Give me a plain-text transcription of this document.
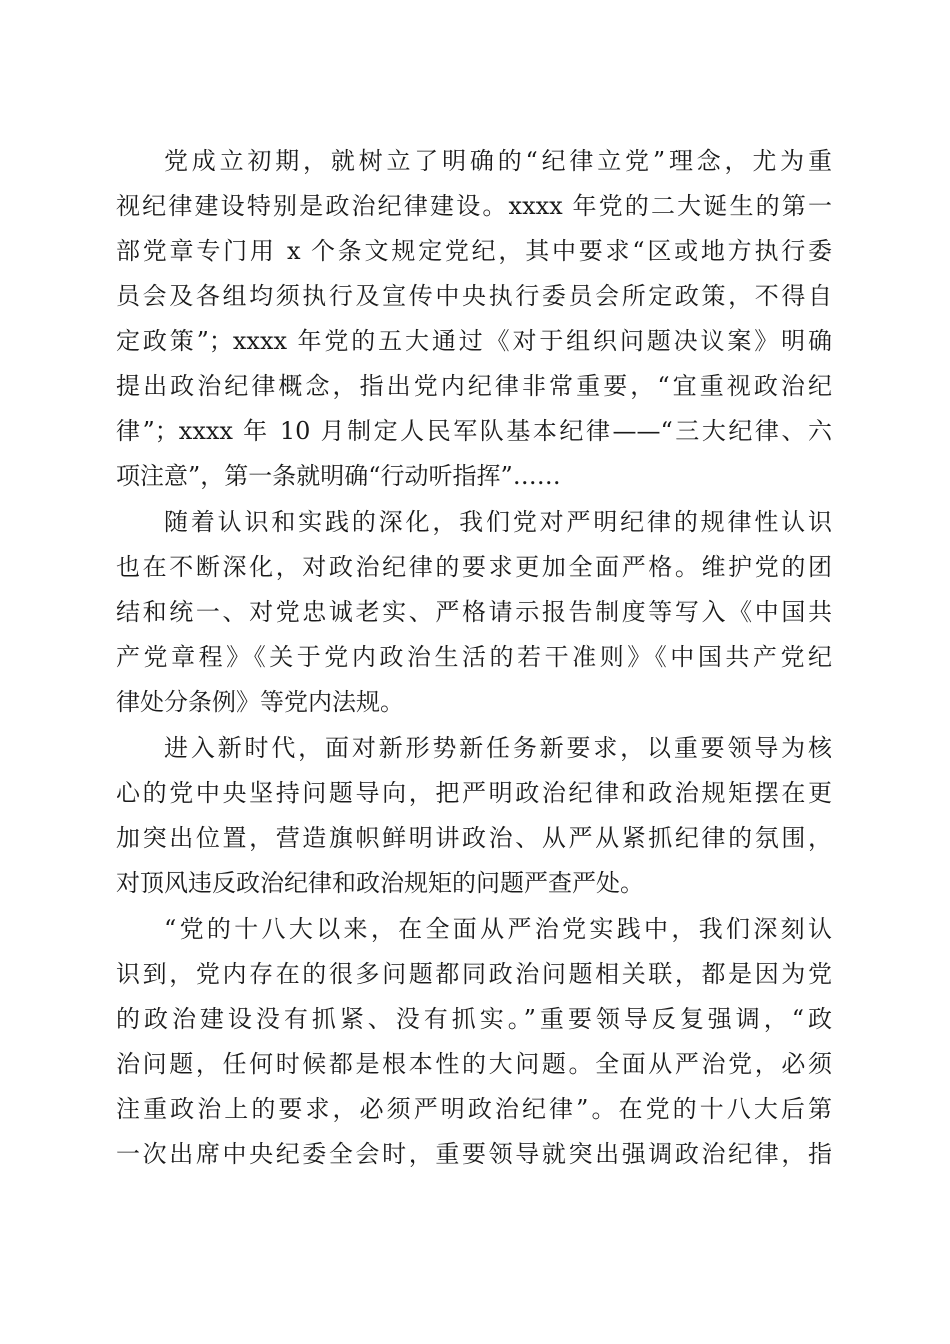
党成立初期，就树立了明确的“纪律立党”理念，尤为重
视纪律建设特别是政治纪律建设。xxxx 年党的二大诞生的第一
部党章专门用 x 个条文规定党纪，其中要求“区或地方执行委
员会及各组均须执行及宣传中央执行委员会所定政策，不得自
定政策”；xxxx 年党的五大通过《对于组织问题决议案》明确
提出政治纪律概念，指出党内纪律非常重要，“宜重视政治纪
律”；xxxx 年 10 月制定人民军队基本纪律——“三大纪律、六
项注意”，第一条就明确“行动听指挥”……
随着认识和实践的深化，我们党对严明纪律的规律性认识
也在不断深化，对政治纪律的要求更加全面严格。维护党的团
结和统一、对党忠诚老实、严格请示报告制度等写入《中国共
产党章程》《关于党内政治生活的若干准则》《中国共产党纪
律处分条例》等党内法规。
进入新时代，面对新形势新任务新要求，以重要领导为核
心的党中央坚持问题导向，把严明政治纪律和政治规矩摆在更
加突出位置，营造旗帜鲜明讲政治、从严从紧抓纪律的氛围，
对顶风违反政治纪律和政治规矩的问题严查严处。
“党的十八大以来，在全面从严治党实践中，我们深刻认
识到，党内存在的很多问题都同政治问题相关联，都是因为党
的政治建设没有抓紧、没有抓实。”重要领导反复强调，“政
治问题，任何时候都是根本性的大问题。全面从严治党，必须
注重政治上的要求，必须严明政治纪律”。在党的十八大后第
一次出席中央纪委全会时，重要领导就突出强调政治纪律，指
